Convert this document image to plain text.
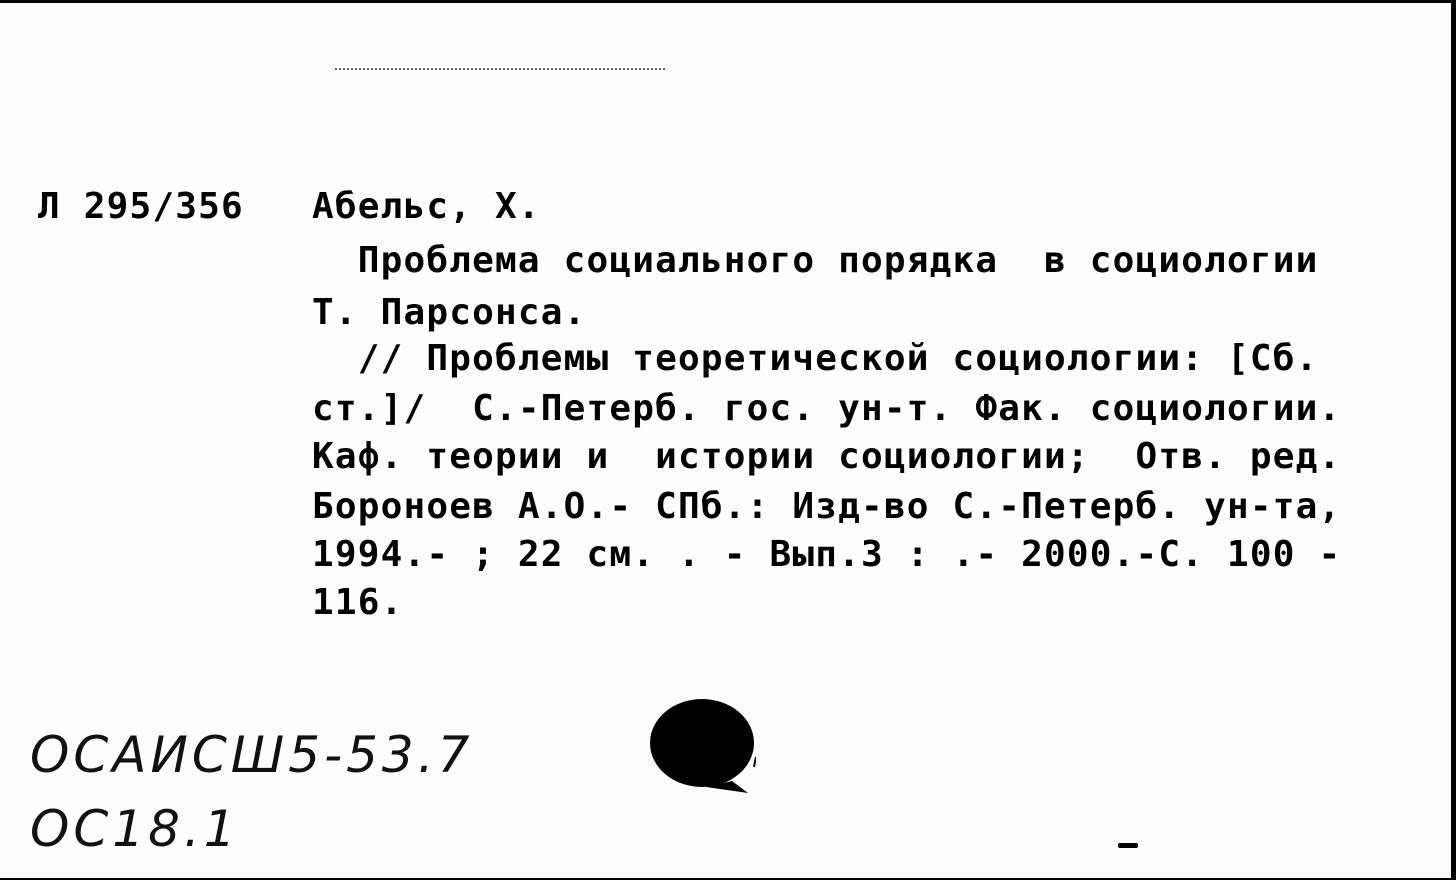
Л 295/356 Абельс, Х.
Проблема социального порядка  в социологии
Т. Парсонса.
// Проблемы теоретической социологии: [Сб.
ст.]/  С.-Петерб. гос. ун-т. Фак. социологии.
Каф. теории и  истории социологии;  Отв. ред.
Бороноев А.О.- СПб.: Изд-во С.-Петерб. ун-та,
1994.- ; 22 см. . - Вып.3 : .- 2000.-С. 100 -
116.
ОСАИСШ5-53.7
ОС18.1
